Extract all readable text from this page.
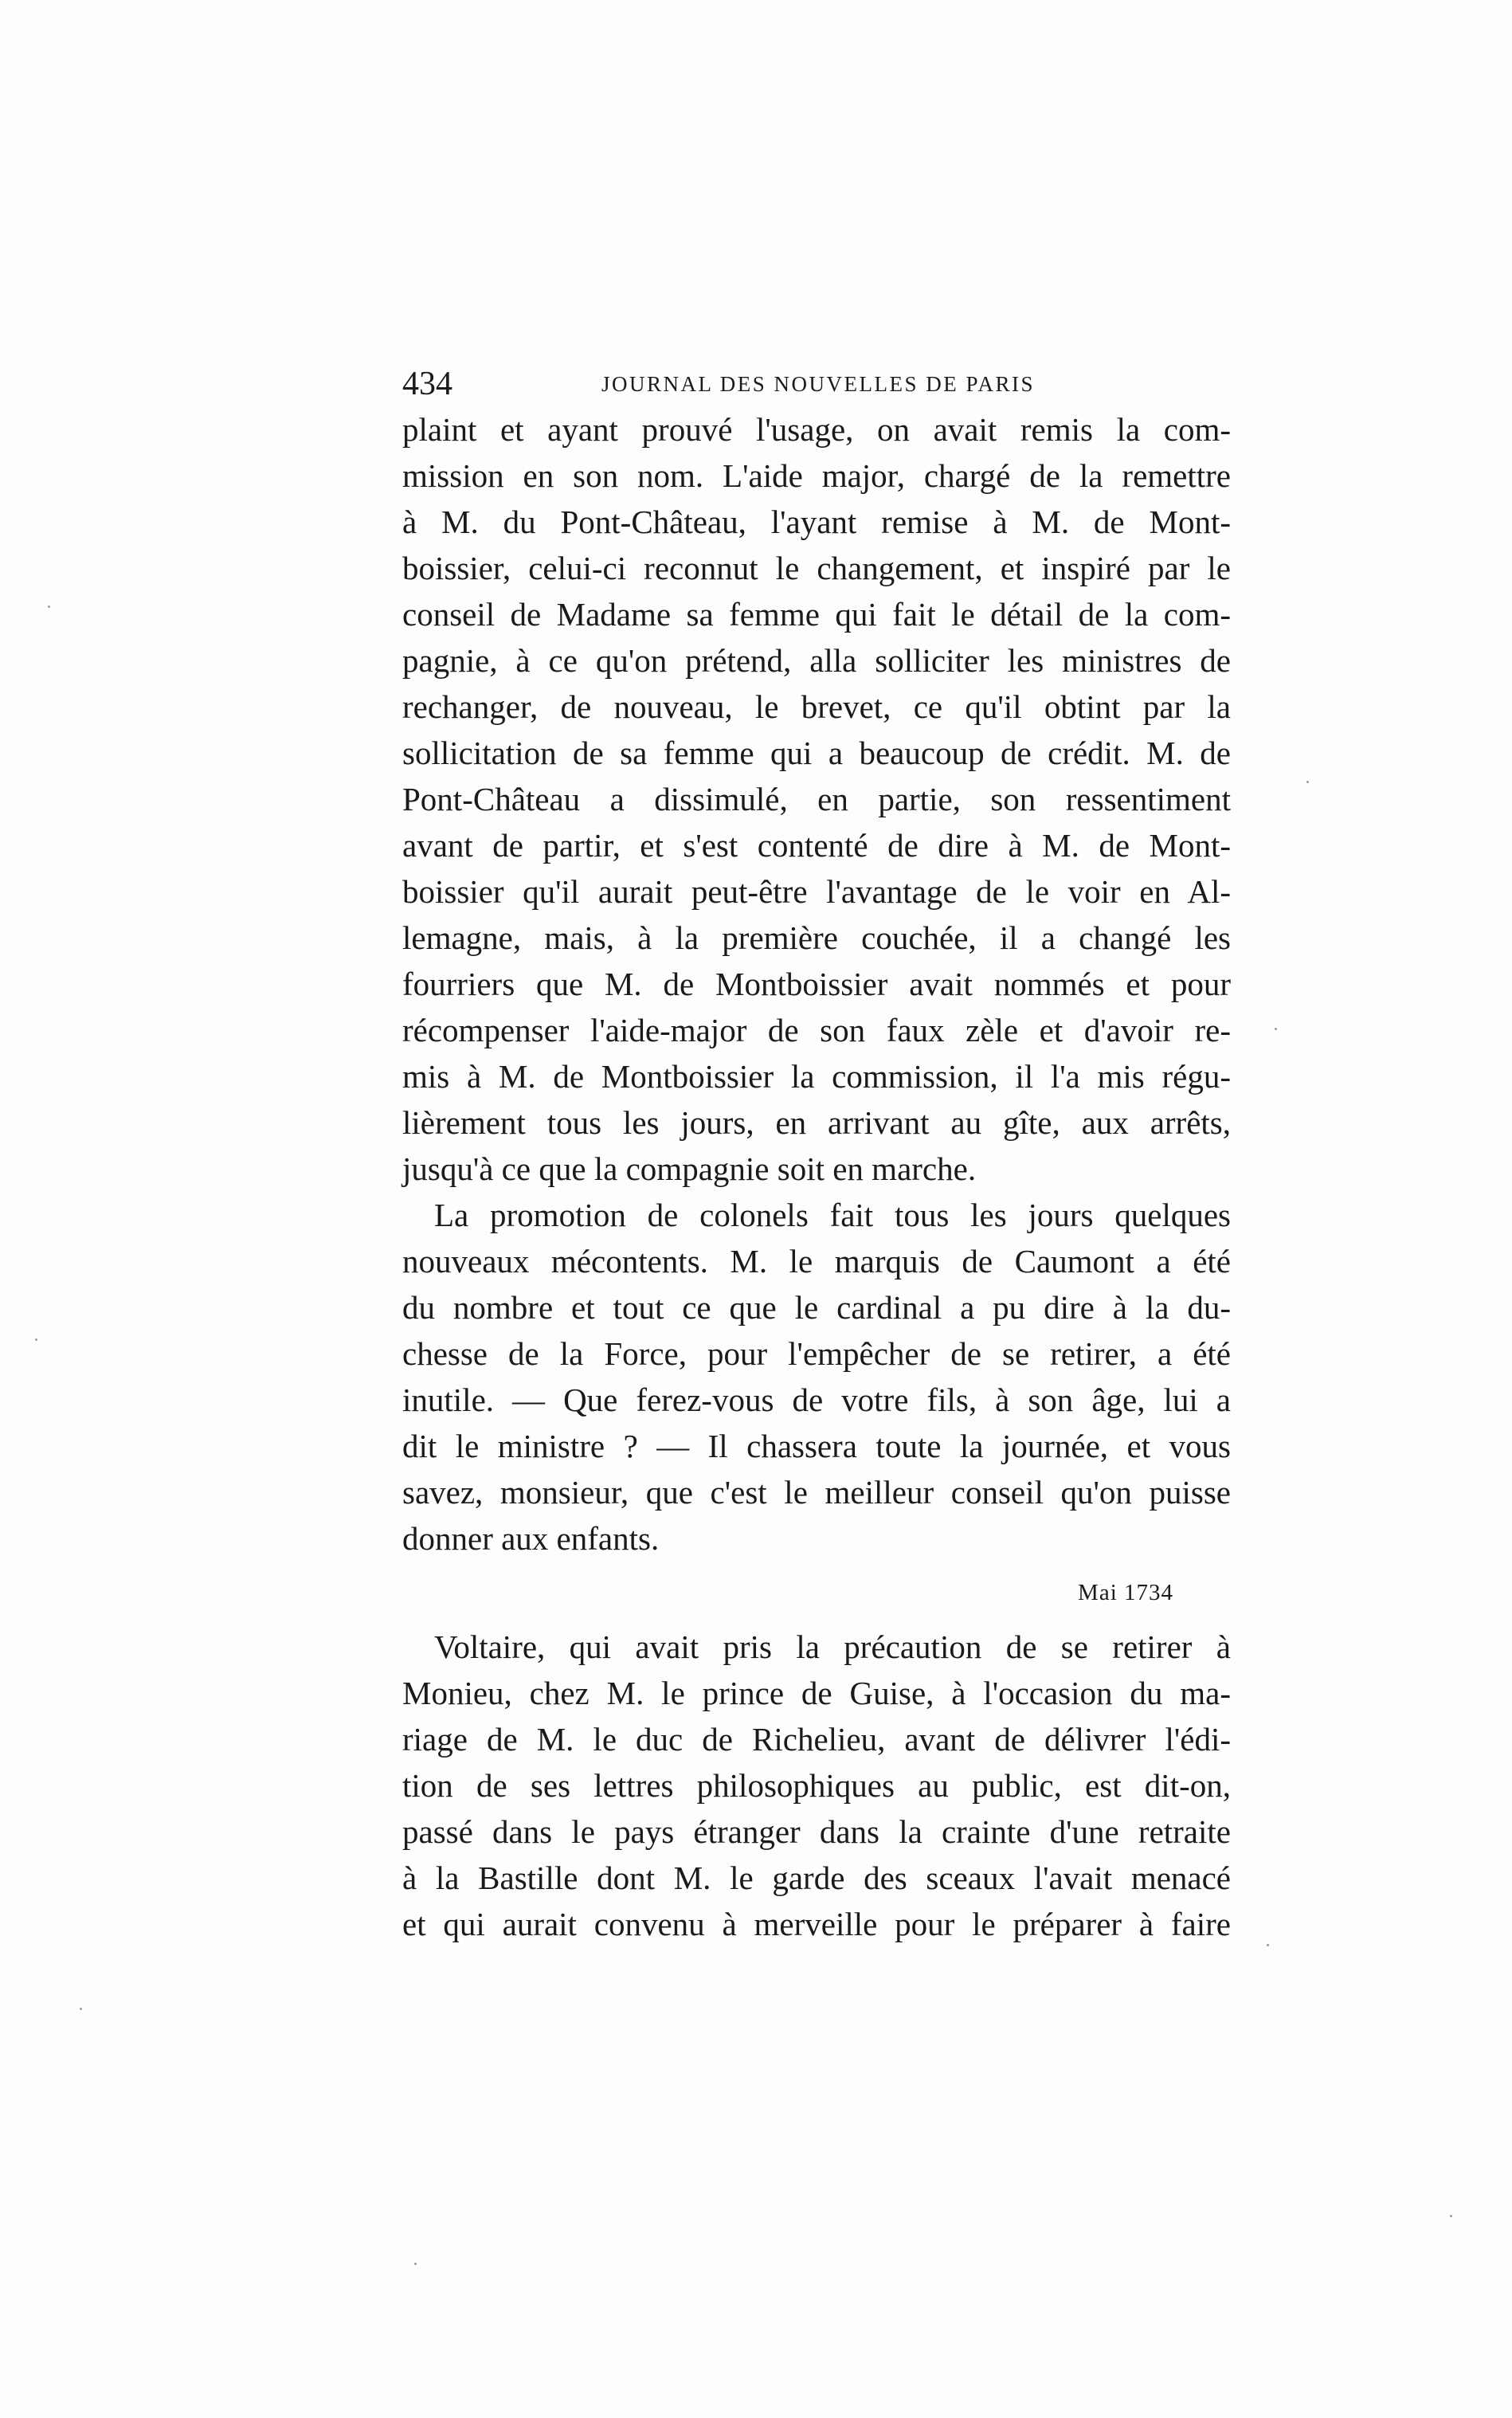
434	JOURNAL DES NOUVELLES DE PARIS
plaint et ayant prouvé l'usage, on avait remis la com-
mission en son nom. L'aide major, chargé de la remettre
à M. du Pont-Château, l'ayant remise à M. de Mont-
boissier, celui-ci reconnut le changement, et inspiré par le
conseil de Madame sa femme qui fait le détail de la com-
pagnie, à ce qu'on prétend, alla solliciter les ministres de
rechanger, de nouveau, le brevet, ce qu'il obtint par la
sollicitation de sa femme qui a beaucoup de crédit. M. de
Pont-Château a dissimulé, en partie, son ressentiment
avant de partir, et s'est contenté de dire à M. de Mont-
boissier qu'il aurait peut-être l'avantage de le voir en Al-
lemagne, mais, à la première couchée, il a changé les
fourriers que M. de Montboissier avait nommés et pour
récompenser l'aide-major de son faux zèle et d'avoir re-
mis à M. de Montboissier la commission, il l'a mis régu-
lièrement tous les jours, en arrivant au gîte, aux arrêts,
jusqu'à ce que la compagnie soit en marche.
La promotion de colonels fait tous les jours quelques
nouveaux mécontents. M. le marquis de Caumont a été
du nombre et tout ce que le cardinal a pu dire à la du-
chesse de la Force, pour l'empêcher de se retirer, a été
inutile. — Que ferez-vous de votre fils, à son âge, lui a
dit le ministre ? — Il chassera toute la journée, et vous
savez, monsieur, que c'est le meilleur conseil qu'on puisse
donner aux enfants.
Mai 1734
Voltaire, qui avait pris la précaution de se retirer à
Monieu, chez M. le prince de Guise, à l'occasion du ma-
riage de M. le duc de Richelieu, avant de délivrer l'édi-
tion de ses lettres philosophiques au public, est dit-on,
passé dans le pays étranger dans la crainte d'une retraite
à la Bastille dont M. le garde des sceaux l'avait menacé
et qui aurait convenu à merveille pour le préparer à faire
